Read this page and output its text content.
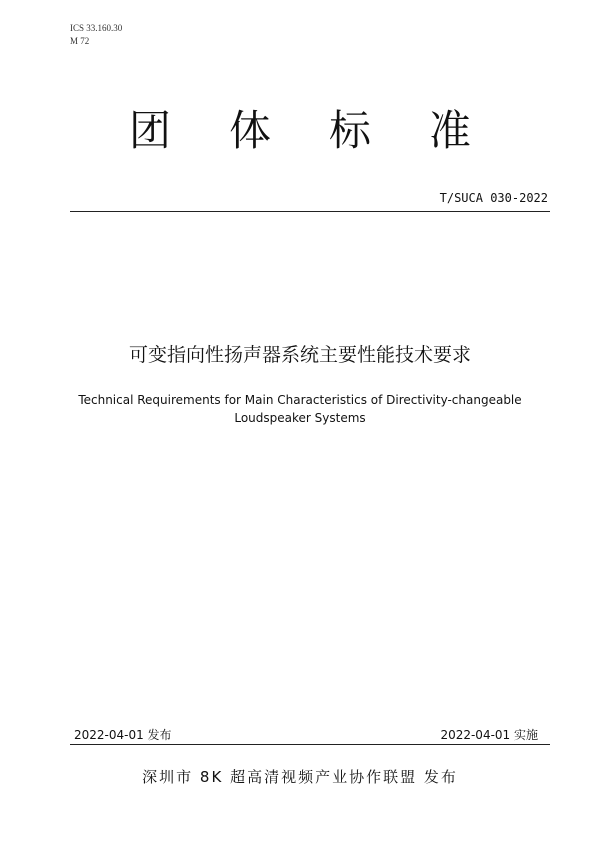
ICS 33.160.30
M 72
团体标准
T/SUCA 030-2022
可变指向性扬声器系统主要性能技术要求
Technical Requirements for Main Characteristics of Directivity-changeable
Loudspeaker Systems
2022-04-01 发布	2022-04-01 实施
深圳市 8K 超高清视频产业协作联盟 发布
